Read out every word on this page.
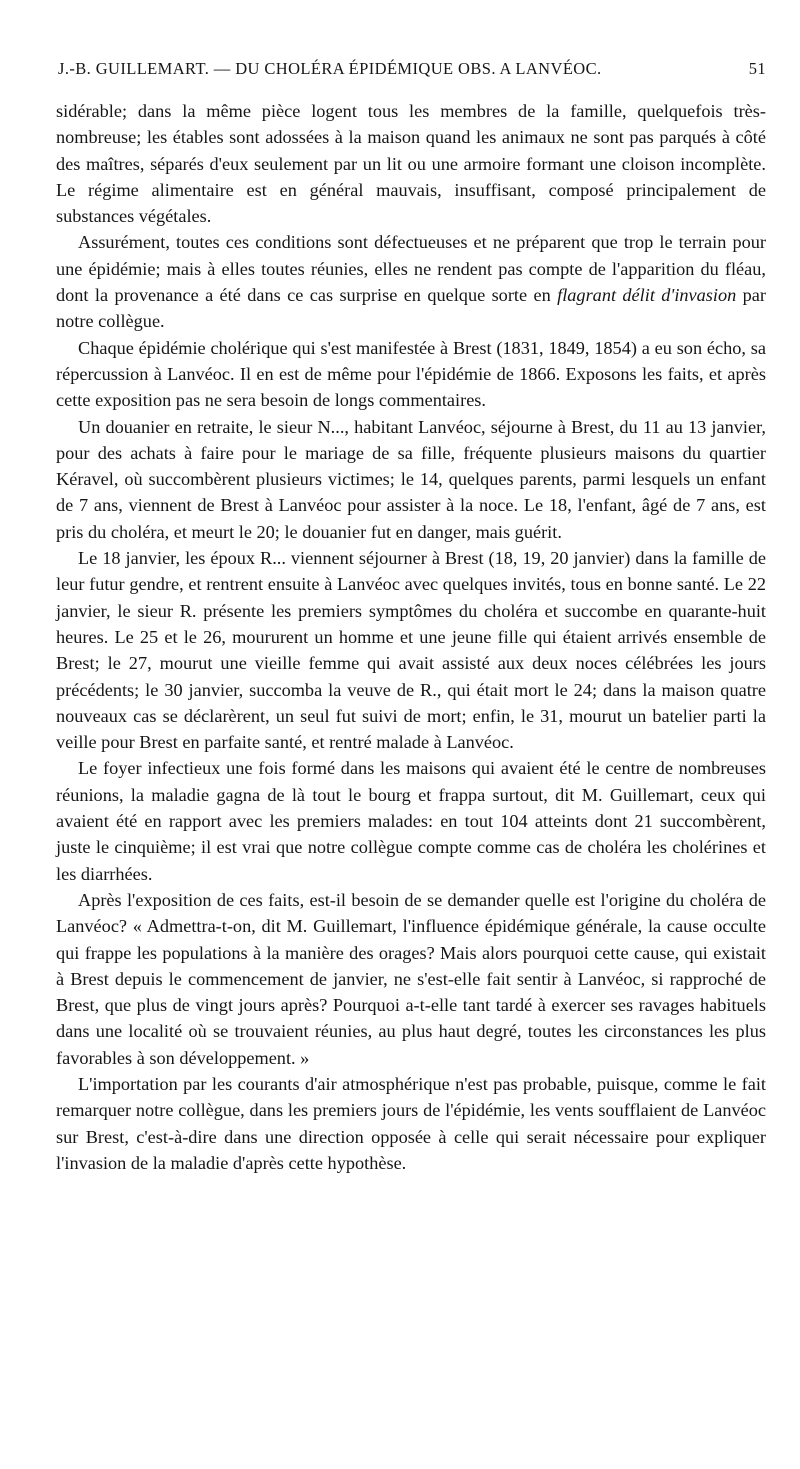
J.-B. GUILLEMART. — DU CHOLÉRA ÉPIDÉMIQUE OBS. A LANVÉOC.	51

sidérable; dans la même pièce logent tous les membres de la famille, quelquefois très-nombreuse; les étables sont adossées à la maison quand les animaux ne sont pas parqués à côté des maîtres, séparés d'eux seulement par un lit ou une armoire formant une cloison incomplète. Le régime alimentaire est en général mauvais, insuffisant, composé principalement de substances végétales.

Assurément, toutes ces conditions sont défectueuses et ne préparent que trop le terrain pour une épidémie; mais à elles toutes réunies, elles ne rendent pas compte de l'apparition du fléau, dont la provenance a été dans ce cas surprise en quelque sorte en flagrant délit d'invasion par notre collègue.

Chaque épidémie cholérique qui s'est manifestée à Brest (1831, 1849, 1854) a eu son écho, sa répercussion à Lanvéoc. Il en est de même pour l'épidémie de 1866. Exposons les faits, et après cette exposition pas ne sera besoin de longs commentaires.

Un douanier en retraite, le sieur N..., habitant Lanvéoc, séjourne à Brest, du 11 au 13 janvier, pour des achats à faire pour le mariage de sa fille, fréquente plusieurs maisons du quartier Kéravel, où succombèrent plusieurs victimes; le 14, quelques parents, parmi lesquels un enfant de 7 ans, viennent de Brest à Lanvéoc pour assister à la noce. Le 18, l'enfant, âgé de 7 ans, est pris du choléra, et meurt le 20; le douanier fut en danger, mais guérit.

Le 18 janvier, les époux R... viennent séjourner à Brest (18, 19, 20 janvier) dans la famille de leur futur gendre, et rentrent ensuite à Lanvéoc avec quelques invités, tous en bonne santé. Le 22 janvier, le sieur R. présente les premiers symptômes du choléra et succombe en quarante-huit heures. Le 25 et le 26, moururent un homme et une jeune fille qui étaient arrivés ensemble de Brest; le 27, mourut une vieille femme qui avait assisté aux deux noces célébrées les jours précédents; le 30 janvier, succomba la veuve de R., qui était mort le 24; dans la maison quatre nouveaux cas se déclarèrent, un seul fut suivi de mort; enfin, le 31, mourut un batelier parti la veille pour Brest en parfaite santé, et rentré malade à Lanvéoc.

Le foyer infectieux une fois formé dans les maisons qui avaient été le centre de nombreuses réunions, la maladie gagna de là tout le bourg et frappa surtout, dit M. Guillemart, ceux qui avaient été en rapport avec les premiers malades: en tout 104 atteints dont 21 succombèrent, juste le cinquième; il est vrai que notre collègue compte comme cas de choléra les cholérines et les diarrhées.

Après l'exposition de ces faits, est-il besoin de se demander quelle est l'origine du choléra de Lanvéoc? « Admettra-t-on, dit M. Guillemart, l'influence épidémique générale, la cause occulte qui frappe les populations à la manière des orages? Mais alors pourquoi cette cause, qui existait à Brest depuis le commencement de janvier, ne s'est-elle fait sentir à Lanvéoc, si rapproché de Brest, que plus de vingt jours après? Pourquoi a-t-elle tant tardé à exercer ses ravages habituels dans une localité où se trouvaient réunies, au plus haut degré, toutes les circonstances les plus favorables à son développement. »

L'importation par les courants d'air atmosphérique n'est pas probable, puisque, comme le fait remarquer notre collègue, dans les premiers jours de l'épidémie, les vents soufflaient de Lanvéoc sur Brest, c'est-à-dire dans une direction opposée à celle qui serait nécessaire pour expliquer l'invasion de la maladie d'après cette hypothèse.
